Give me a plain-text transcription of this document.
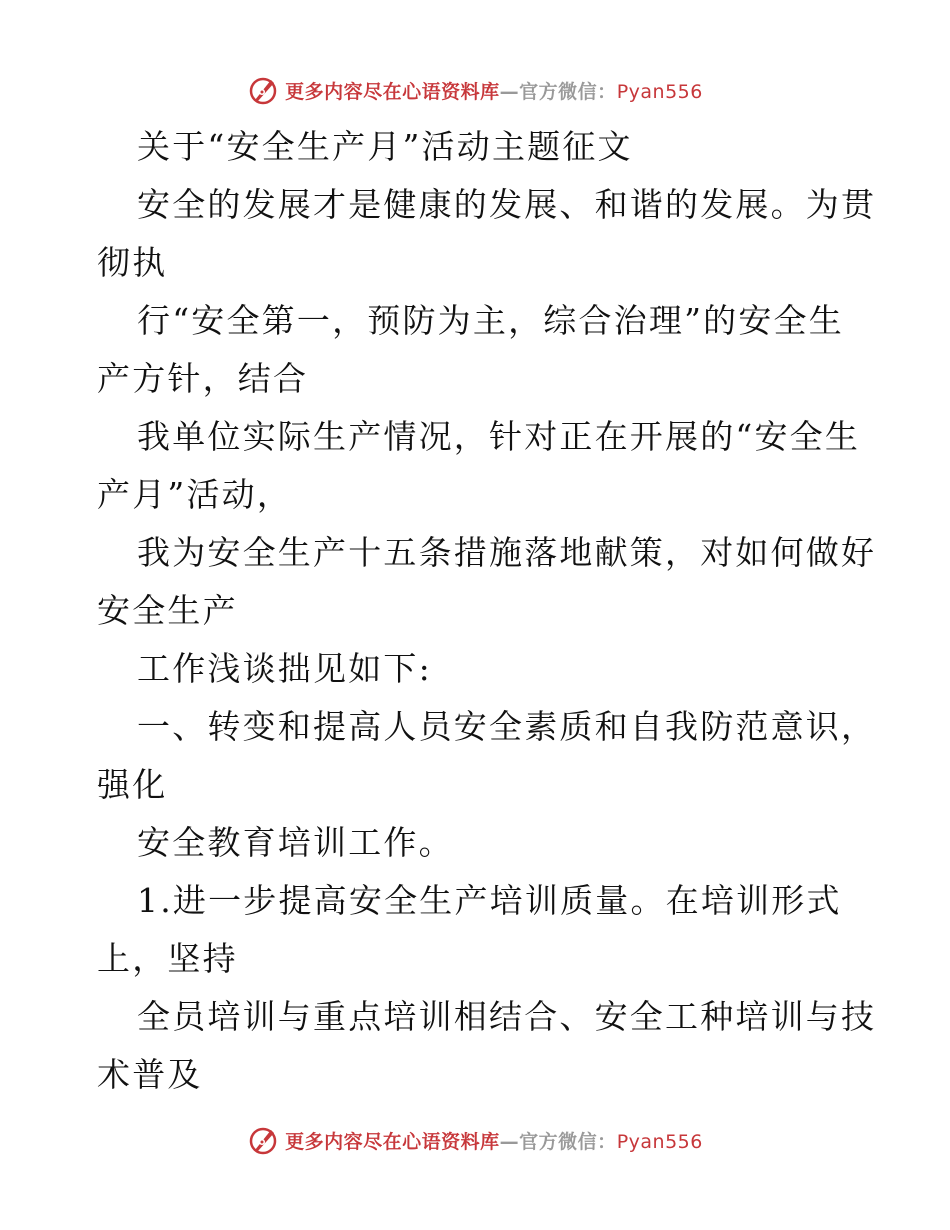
更多内容尽在心语资料库—官方微信：Pyan556
关于“安全生产月”活动主题征文
安全的发展才是健康的发展、和谐的发展。为贯
彻执
行“安全第一，预防为主，综合治理”的安全生
产方针，结合
我单位实际生产情况，针对正在开展的“安全生
产月”活动，
我为安全生产十五条措施落地献策，对如何做好
安全生产
工作浅谈拙见如下:
一、转变和提高人员安全素质和自我防范意识，
强化
安全教育培训工作。
1.进一步提高安全生产培训质量。在培训形式
上，坚持
全员培训与重点培训相结合、安全工种培训与技
术普及
更多内容尽在心语资料库—官方微信：Pyan556
